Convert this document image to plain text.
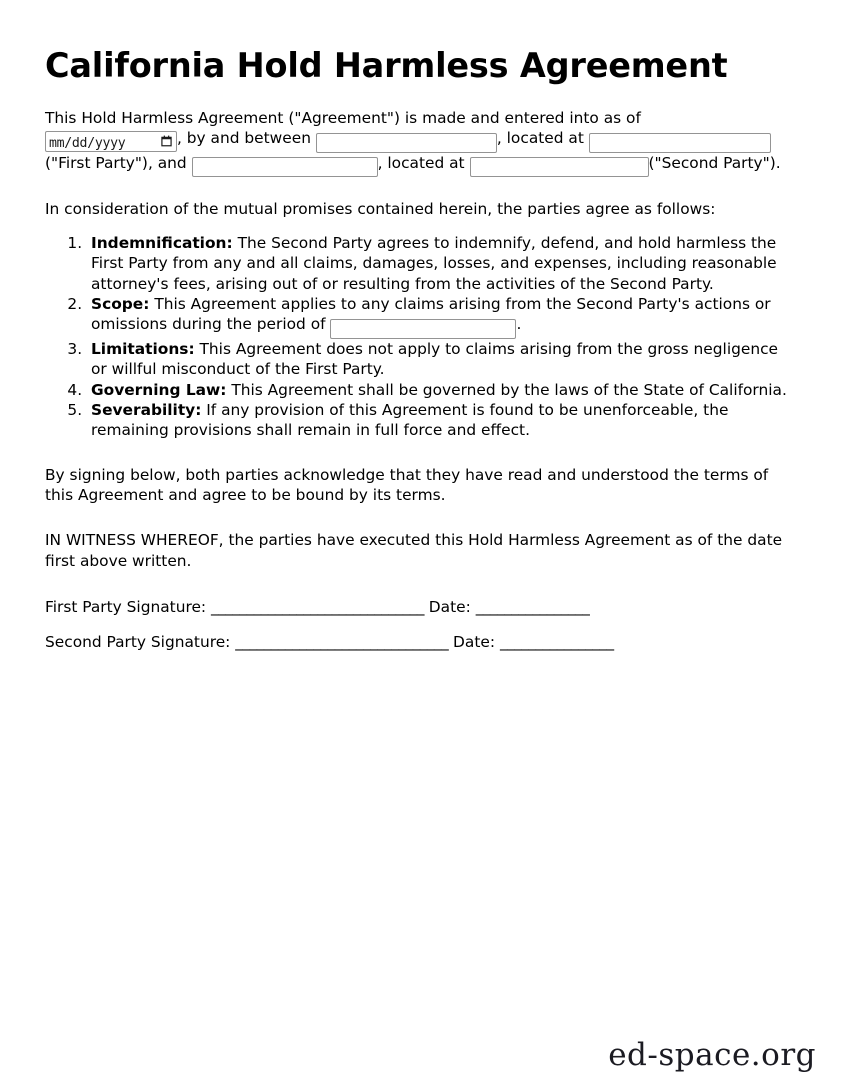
California Hold Harmless Agreement

This Hold Harmless Agreement ("Agreement") is made and entered into as of
mm/dd/yyyy	, by and between	, located at
("First Party"), and	, located at	("Second Party").

In consideration of the mutual promises contained herein, the parties agree as follows:

1. Indemnification: The Second Party agrees to indemnify, defend, and hold harmless the First Party from any and all claims, damages, losses, and expenses, including reasonable attorney's fees, arising out of or resulting from the activities of the Second Party.
2. Scope: This Agreement applies to any claims arising from the Second Party's actions or omissions during the period of	.
3. Limitations: This Agreement does not apply to claims arising from the gross negligence or willful misconduct of the First Party.
4. Governing Law: This Agreement shall be governed by the laws of the State of California.
5. Severability: If any provision of this Agreement is found to be unenforceable, the remaining provisions shall remain in full force and effect.

By signing below, both parties acknowledge that they have read and understood the terms of this Agreement and agree to be bound by its terms.

IN WITNESS WHEREOF, the parties have executed this Hold Harmless Agreement as of the date first above written.

First Party Signature: ______________________________ Date: ________________

Second Party Signature: ______________________________ Date: ________________

ed-space.org
